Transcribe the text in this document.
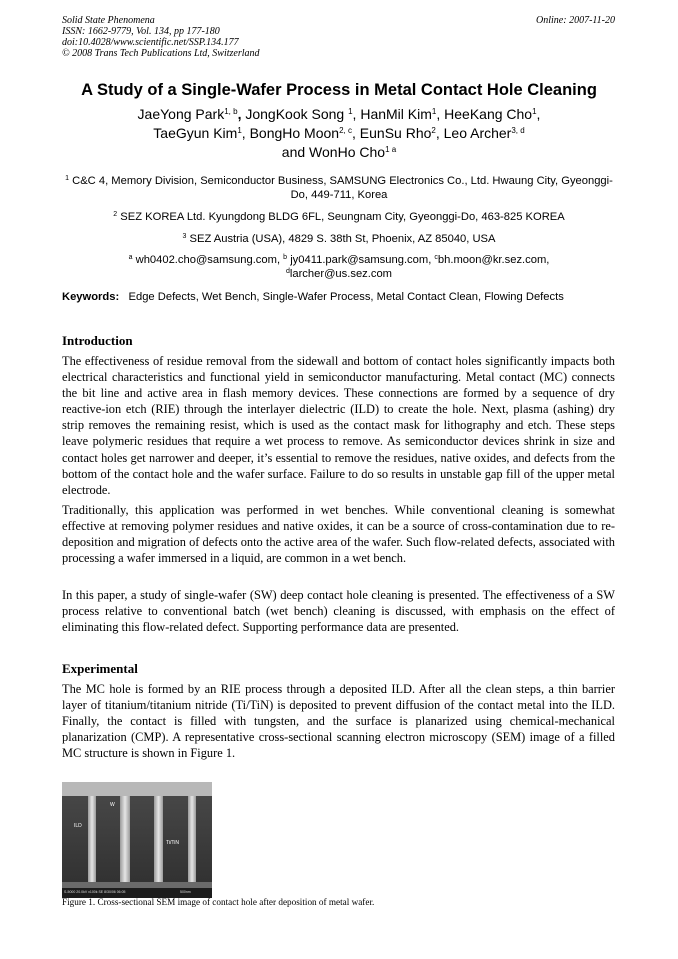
Solid State Phenomena
ISSN: 1662-9779, Vol. 134, pp 177-180
doi:10.4028/www.scientific.net/SSP.134.177
© 2008 Trans Tech Publications Ltd, Switzerland
Online: 2007-11-20
A Study of a Single-Wafer Process in Metal Contact Hole Cleaning
JaeYong Park$^{1, b}$, JongKook Song $^1$, HanMil Kim$^1$, HeeKang Cho$^1$,
TaeGyun Kim$^1$, BongHo Moon$^{2, c}$, EunSu Rho$^2$, Leo Archer$^{3, d}$
and WonHo Cho$^{1 a}$
$^1$ C&C 4, Memory Division, Semiconductor Business, SAMSUNG Electronics Co., Ltd. Hwaung City, Gyeonggi-Do, 449-711, Korea
$^2$ SEZ KOREA Ltd. Kyungdong BLDG 6FL, Seungnam City, Gyeonggi-Do, 463-825 KOREA
$^3$ SEZ Austria (USA), 4829 S. 38th St, Phoenix, AZ 85040, USA
$^a$ wh0402.cho@samsung.com, $^b$ jy0411.park@samsung.com, $^c$bh.moon@kr.sez.com,
$^d$larcher@us.sez.com
Keywords: Edge Defects, Wet Bench, Single-Wafer Process, Metal Contact Clean, Flowing Defects
Introduction

The effectiveness of residue removal from the sidewall and bottom of contact holes significantly impacts both electrical characteristics and functional yield in semiconductor manufacturing. Metal contact (MC) connects the bit line and active area in flash memory devices. These connections are formed by a sequence of dry reactive-ion etch (RIE) through the interlayer dielectric (ILD) to create the hole. Next, plasma (ashing) dry strip removes the remaining resist, which is used as the contact mask for lithography and etch. These steps leave polymeric residues that require a wet process to remove. As semiconductor devices shrink in size and contact holes get narrower and deeper, it’s essential to remove the residues, native oxides, and defects from the bottom of the contact hole and the wafer surface. Failure to do so results in unstable gap fill of the upper metal electrode.

Traditionally, this application was performed in wet benches. While conventional cleaning is somewhat effective at removing polymer residues and native oxides, it can be a source of cross-contamination due to re-deposition and migration of defects onto the active area of the wafer. Such flow-related defects, associated with processing a wafer immersed in a liquid, are common in a wet bench.

In this paper, a study of single-wafer (SW) deep contact hole cleaning is presented. The effectiveness of a SW process relative to conventional batch (wet bench) cleaning is discussed, with emphasis on the effect of eliminating this flow-related defect. Supporting performance data are presented.

Experimental

The MC hole is formed by an RIE process through a deposited ILD. After all the clean steps, a thin barrier layer of titanium/titanium nitride (Ti/TiN) is deposited to prevent diffusion of the contact metal into the ILD. Finally, the contact is filled with tungsten, and the surface is planarized using chemical-mechanical planarization (CMP). A representative cross-sectional scanning electron microscopy (SEM) image of a filled MC structure is shown in Figure 1.

W
ILD
Ti/TiN
S-5000 20.0kV x100k SE 8/30/06 06:05	500nm
Figure 1. Cross-sectional SEM image of contact hole after deposition of metal wafer.
